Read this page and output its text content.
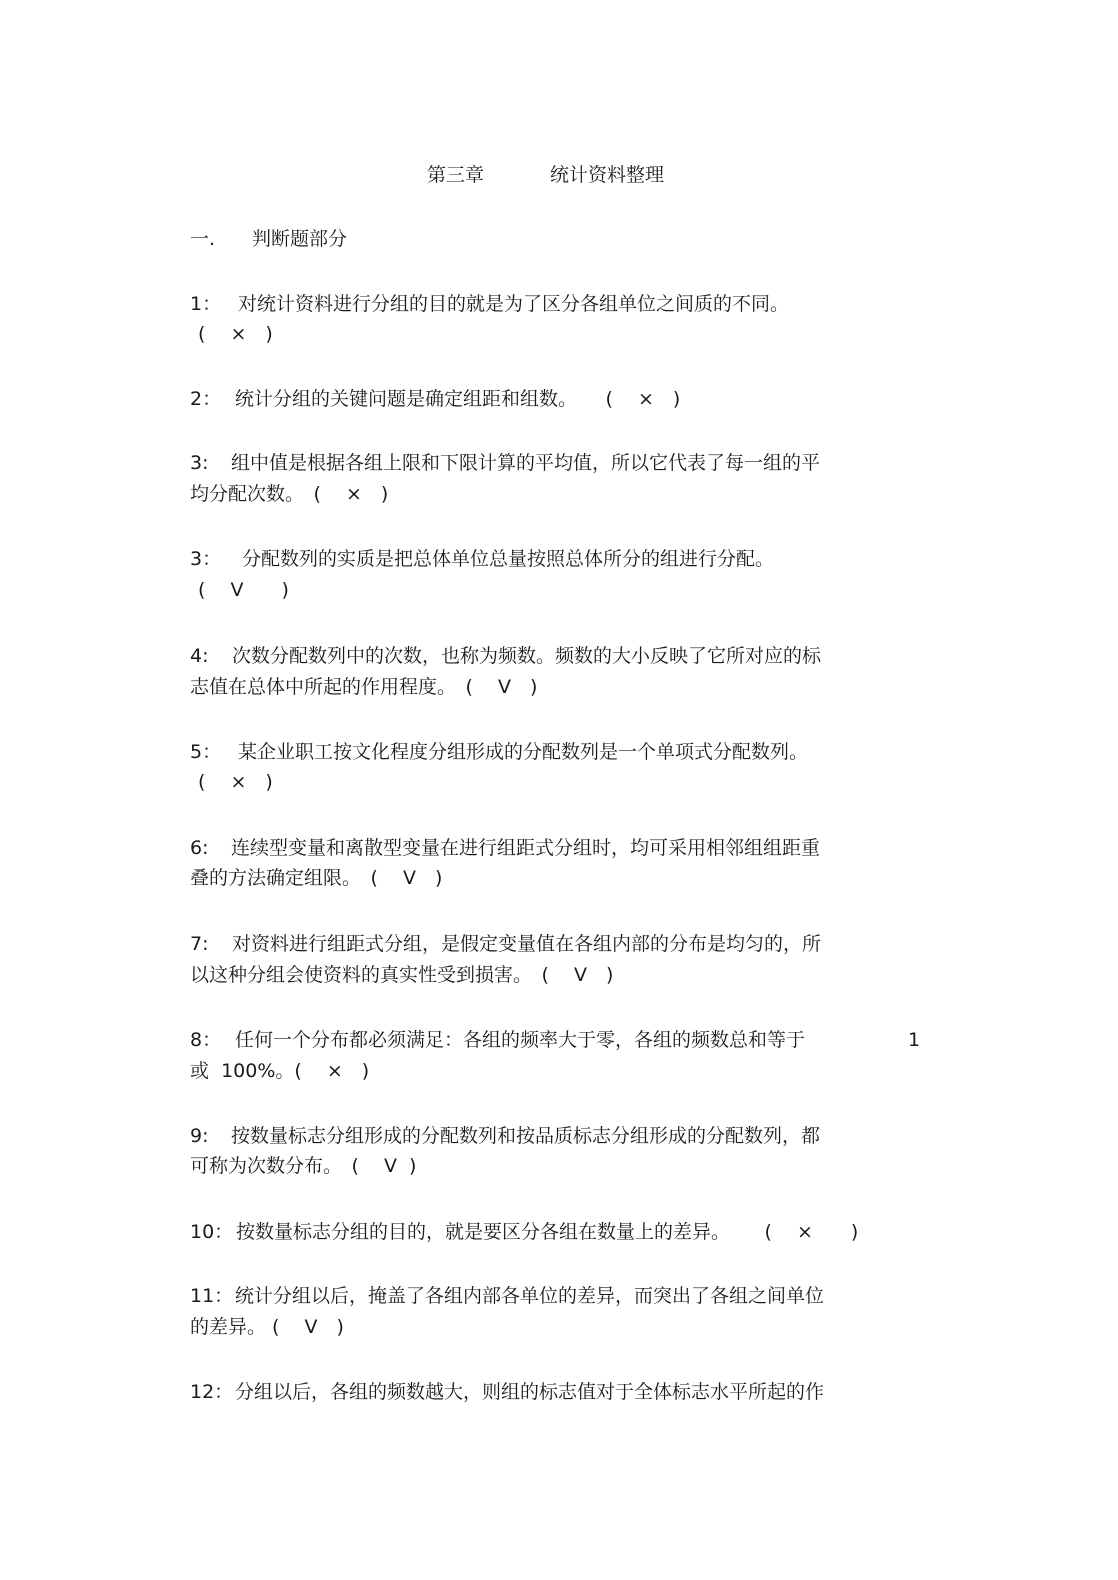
第三章	统计资料整理
一. 判断题部分
1： 对统计资料进行分组的目的就是为了区分各组单位之间质的不同。
(　 ×　)
2： 统计分组的关键问题是确定组距和组数。　　(　 ×　)
3: 组中值是根据各组上限和下限计算的平均值，所以它代表了每一组的平
均分配次数。　(　 ×　)
3： 分配数列的实质是把总体单位总量按照总体所分的组进行分配。
(　 V　　)
4: 次数分配数列中的次数，也称为频数。频数的大小反映了它所对应的标
志值在总体中所起的作用程度。　(　 V　)
5： 某企业职工按文化程度分组形成的分配数列是一个单项式分配数列。
(　 ×　)
6: 连续型变量和离散型变量在进行组距式分组时，均可采用相邻组组距重
叠的方法确定组限。　(　 V　)
7: 对资料进行组距式分组，是假定变量值在各组内部的分布是均匀的，所
以这种分组会使资料的真实性受到损害。　(　 V　)
8： 任何一个分布都必须满足：各组的频率大于零，各组的频数总和等于	1
或  100%。(　 ×　)
9: 按数量标志分组形成的分配数列和按品质标志分组形成的分配数列，都
可称为次数分布。　(　 V  )
10： 按数量标志分组的目的，就是要区分各组在数量上的差异。　　 (　 ×　　)
11： 统计分组以后，掩盖了各组内部各单位的差异，而突出了各组之间单位
的差异。 (　 V　)
12： 分组以后，各组的频数越大，则组的标志值对于全体标志水平所起的作
